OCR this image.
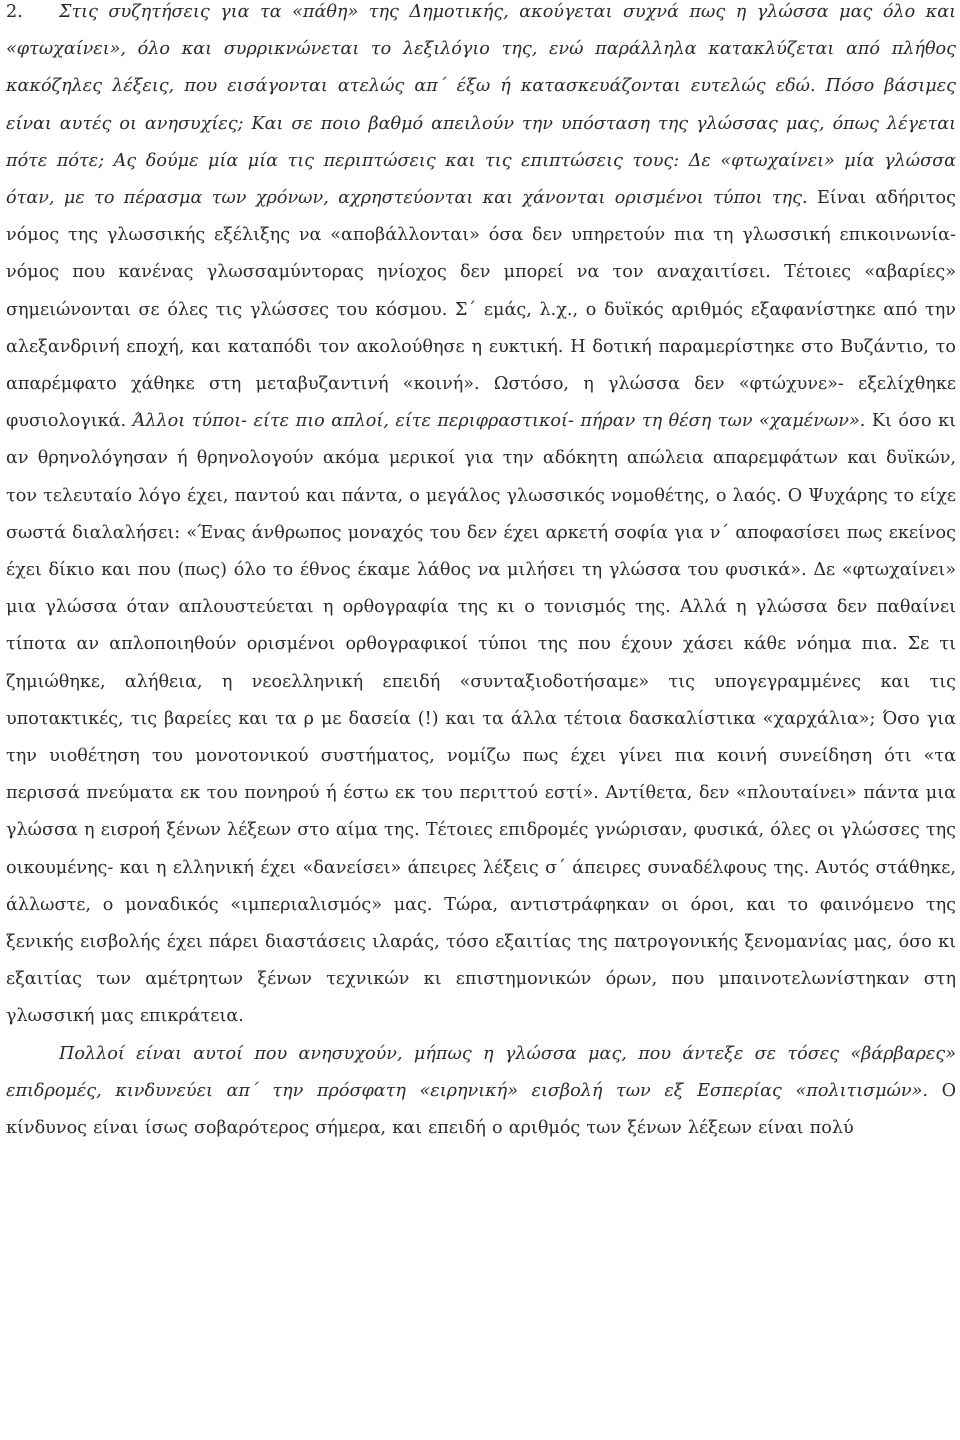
2. Στις συζητήσεις για τα «πάθη» της Δημοτικής, ακούγεται συχνά πως η γλώσσα μας όλο και «φτωχαίνει», όλο και συρρικνώνεται το λεξιλόγιο της, ενώ παράλληλα κατακλύζεται από πλήθος κακόζηλες λέξεις, που εισάγονται ατελώς απ΄ έξω ή κατασκευάζονται ευτελώς εδώ. Πόσο βάσιμες είναι αυτές οι ανησυχίες; Και σε ποιο βαθμό απειλούν την υπόσταση της γλώσσας μας, όπως λέγεται πότε πότε; Ας δούμε μία μία τις περιπτώσεις και τις επιπτώσεις τους: Δε «φτωχαίνει» μία γλώσσα όταν, με το πέρασμα των χρόνων, αχρηστεύονται και χάνονται ορισμένοι τύποι της. Είναι αδήριτος νόμος της γλωσσικής εξέλιξης να «αποβάλλονται» όσα δεν υπηρετούν πια τη γλωσσική επικοινωνία- νόμος που κανένας γλωσσαμύντορας ηνίοχος δεν μπορεί να τον αναχαιτίσει. Τέτοιες «αβαρίες» σημειώνονται σε όλες τις γλώσσες του κόσμου. Σ΄ εμάς, λ.χ., ο δυϊκός αριθμός εξαφανίστηκε από την αλεξανδρινή εποχή, και καταπόδι τον ακολούθησε η ευκτική. Η δοτική παραμερίστηκε στο Βυζάντιο, το απαρέμφατο χάθηκε στη μεταβυζαντινή «κοινή». Ωστόσο, η γλώσσα δεν «φτώχυνε»- εξελίχθηκε φυσιολογικά. Άλλοι τύποι- είτε πιο απλοί, είτε περιφραστικοί- πήραν τη θέση των «χαμένων». Κι όσο κι αν θρηνολόγησαν ή θρηνολογούν ακόμα μερικοί για την αδόκητη απώλεια απαρεμφάτων και δυϊκών, τον τελευταίο λόγο έχει, παντού και πάντα, ο μεγάλος γλωσσικός νομοθέτης, ο λαός. Ο Ψυχάρης το είχε σωστά διαλαλήσει: «Ένας άνθρωπος μοναχός του δεν έχει αρκετή σοφία για ν΄ αποφασίσει πως εκείνος έχει δίκιο και που (πως) όλο το έθνος έκαμε λάθος να μιλήσει τη γλώσσα του φυσικά». Δε «φτωχαίνει» μια γλώσσα όταν απλουστεύεται η ορθογραφία της κι ο τονισμός της. Αλλά η γλώσσα δεν παθαίνει τίποτα αν απλοποιηθούν ορισμένοι ορθογραφικοί τύποι της που έχουν χάσει κάθε νόημα πια. Σε τι ζημιώθηκε, αλήθεια, η νεοελληνική επειδή «συνταξιοδοτήσαμε» τις υπογεγραμμένες και τις υποτακτικές, τις βαρείες και τα ρ με δασεία (!) και τα άλλα τέτοια δασκαλίστικα «χαρχάλια»; Όσο για την υιοθέτηση του μονοτονικού συστήματος, νομίζω πως έχει γίνει πια κοινή συνείδηση ότι «τα περισσά πνεύματα εκ του πονηρού ή έστω εκ του περιττού εστί». Αντίθετα, δεν «πλουταίνει» πάντα μια γλώσσα η εισροή ξένων λέξεων στο αίμα της. Τέτοιες επιδρομές γνώρισαν, φυσικά, όλες οι γλώσσες της οικουμένης- και η ελληνική έχει «δανείσει» άπειρες λέξεις σ΄ άπειρες συναδέλφους της. Αυτός στάθηκε, άλλωστε, ο μοναδικός «ιμπεριαλισμός» μας. Τώρα, αντιστράφηκαν οι όροι, και το φαινόμενο της ξενικής εισβολής έχει πάρει διαστάσεις ιλαράς, τόσο εξαιτίας της πατρογονικής ξενομανίας μας, όσο κι εξαιτίας των αμέτρητων ξένων τεχνικών κι επιστημονικών όρων, που μπαινοτελωνίστηκαν στη γλωσσική μας επικράτεια.

Πολλοί είναι αυτοί που ανησυχούν, μήπως η γλώσσα μας, που άντεξε σε τόσες «βάρβαρες» επιδρομές, κινδυνεύει απ΄ την πρόσφατη «ειρηνική» εισβολή των εξ Εσπερίας «πολιτισμών». Ο κίνδυνος είναι ίσως σοβαρότερος σήμερα, και επειδή ο αριθμός των ξένων λέξεων είναι πολύ
